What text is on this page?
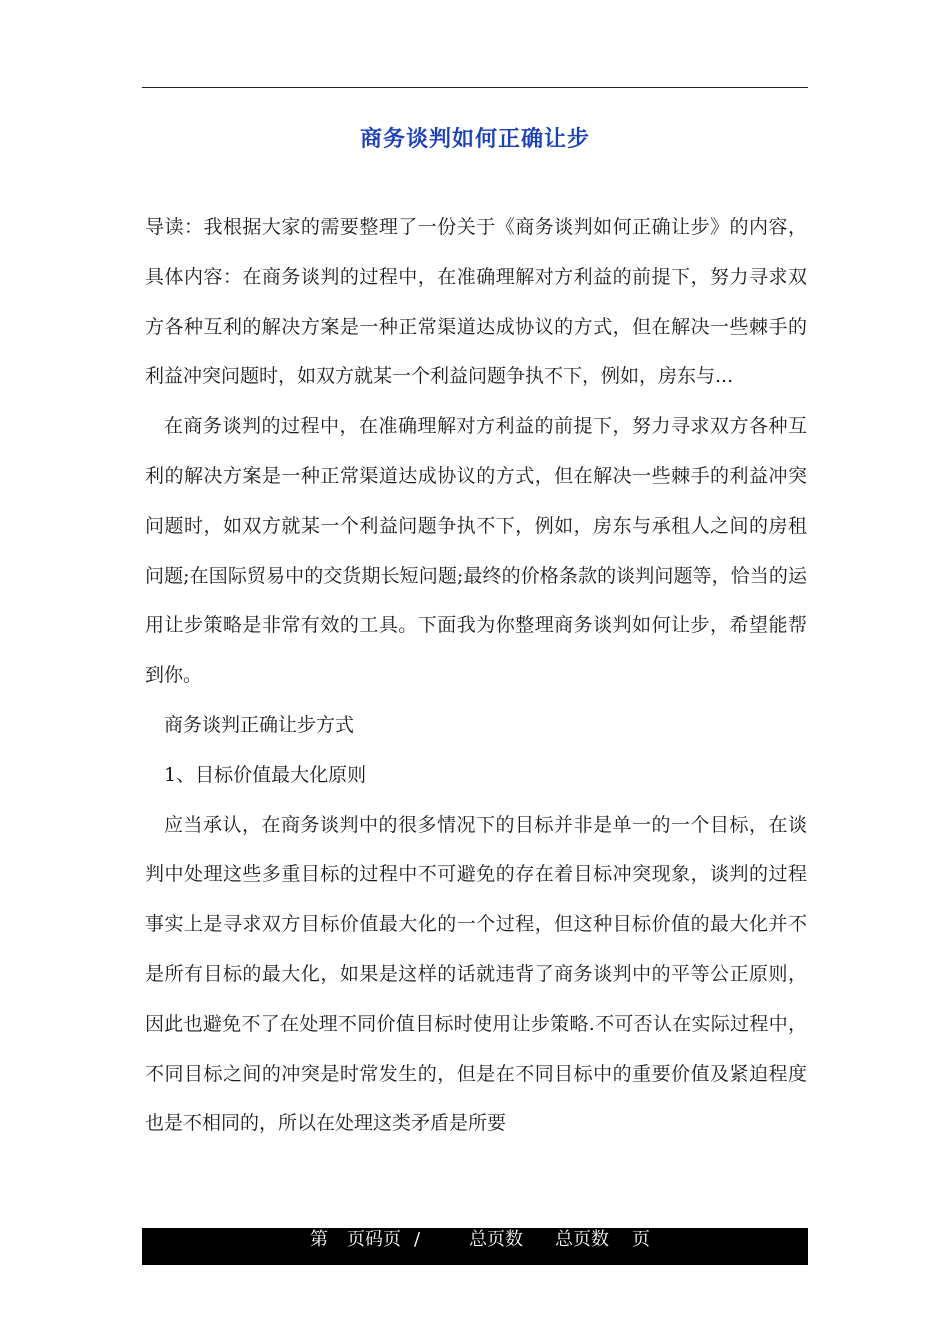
商务谈判如何正确让步

导读：我根据大家的需要整理了一份关于《商务谈判如何正确让步》的内容，具体内容：在商务谈判的过程中，在准确理解对方利益的前提下，努力寻求双方各种互利的解决方案是一种正常渠道达成协议的方式，但在解决一些棘手的利益冲突问题时，如双方就某一个利益问题争执不下，例如，房东与...

在商务谈判的过程中，在准确理解对方利益的前提下，努力寻求双方各种互利的解决方案是一种正常渠道达成协议的方式，但在解决一些棘手的利益冲突问题时，如双方就某一个利益问题争执不下，例如，房东与承租人之间的房租问题;在国际贸易中的交货期长短问题;最终的价格条款的谈判问题等，恰当的运用让步策略是非常有效的工具。下面我为你整理商务谈判如何让步，希望能帮到你。

商务谈判正确让步方式

1、目标价值最大化原则

应当承认，在商务谈判中的很多情况下的目标并非是单一的一个目标，在谈判中处理这些多重目标的过程中不可避免的存在着目标冲突现象，谈判的过程事实上是寻求双方目标价值最大化的一个过程，但这种目标价值的最大化并不是所有目标的最大化，如果是这样的话就违背了商务谈判中的平等公正原则，因此也避免不了在处理不同价值目标时使用让步策略.不可否认在实际过程中，不同目标之间的冲突是时常发生的，但是在不同目标中的重要价值及紧迫程度也是不相同的，所以在处理这类矛盾是所要

第 页码页 /	总页数 总页数 页
